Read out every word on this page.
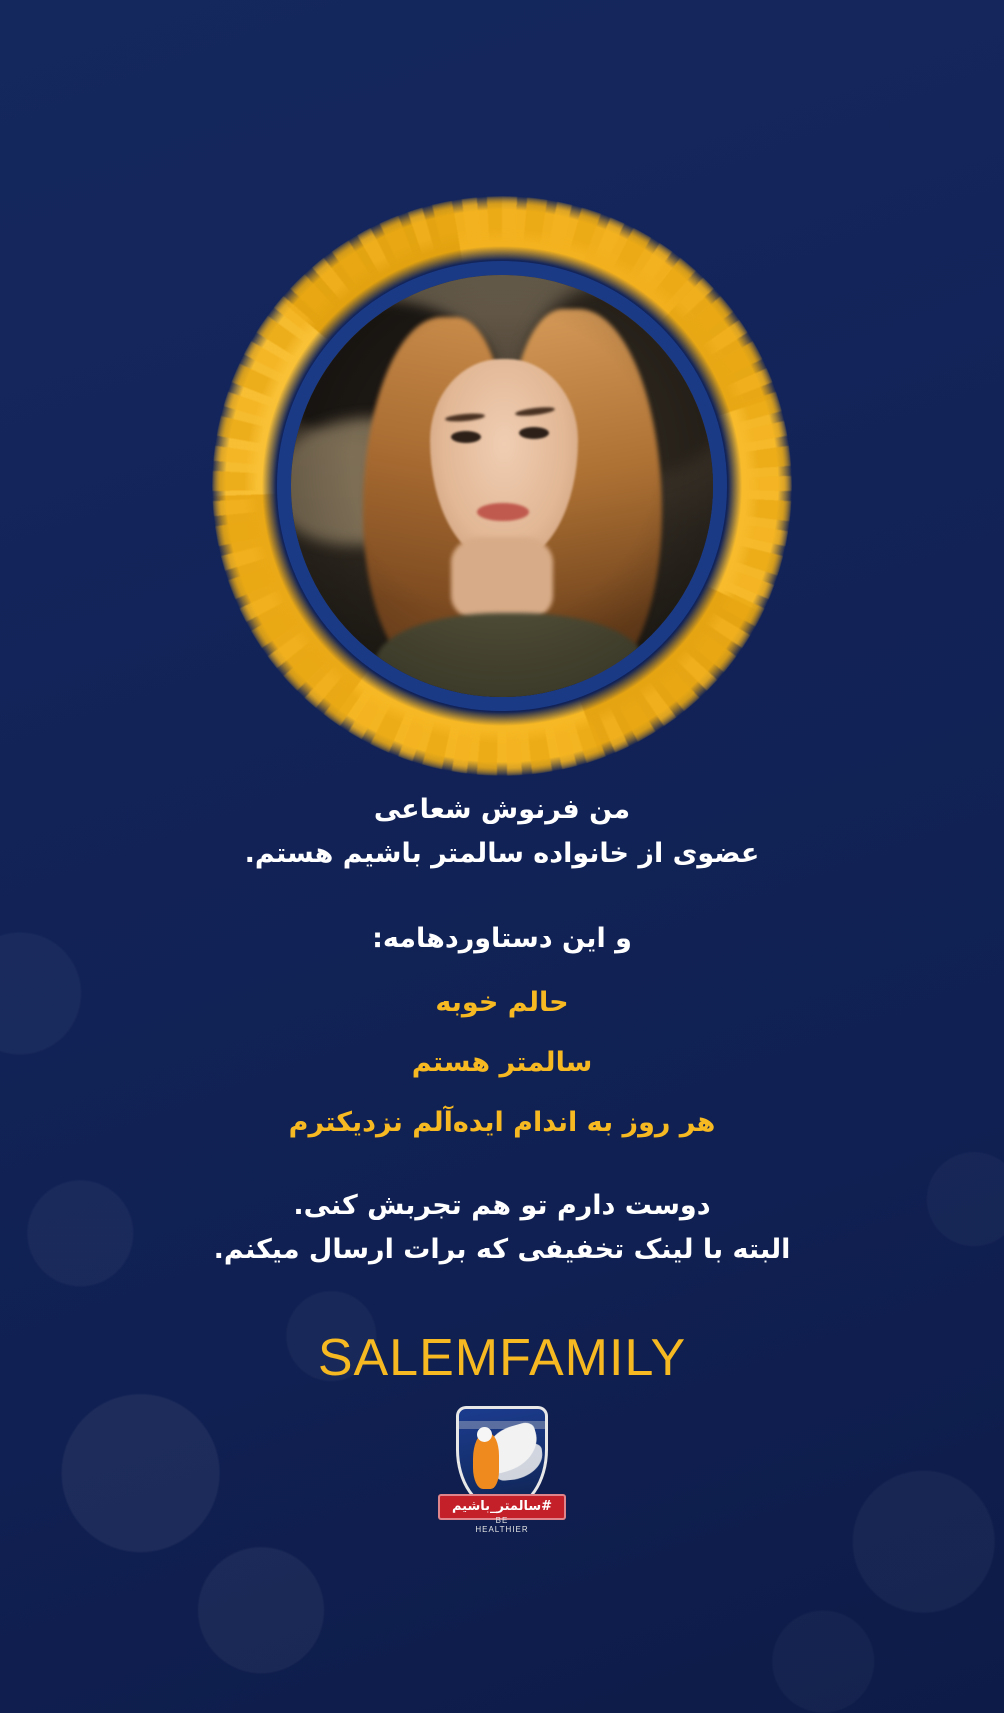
من فرنوش شعاعی
عضوی از خانواده سالمتر باشیم هستم.
و این دستاوردهامه:
حالم خوبه
سالمتر هستم
هر روز به اندام ایده‌آلم نزدیکترم
دوست دارم تو هم تجربش کنی.
البته با لینک تخفیفی که برات ارسال میکنم.
SALEMFAMILY
#سالمتر_باشیم
BE HEALTHIER
